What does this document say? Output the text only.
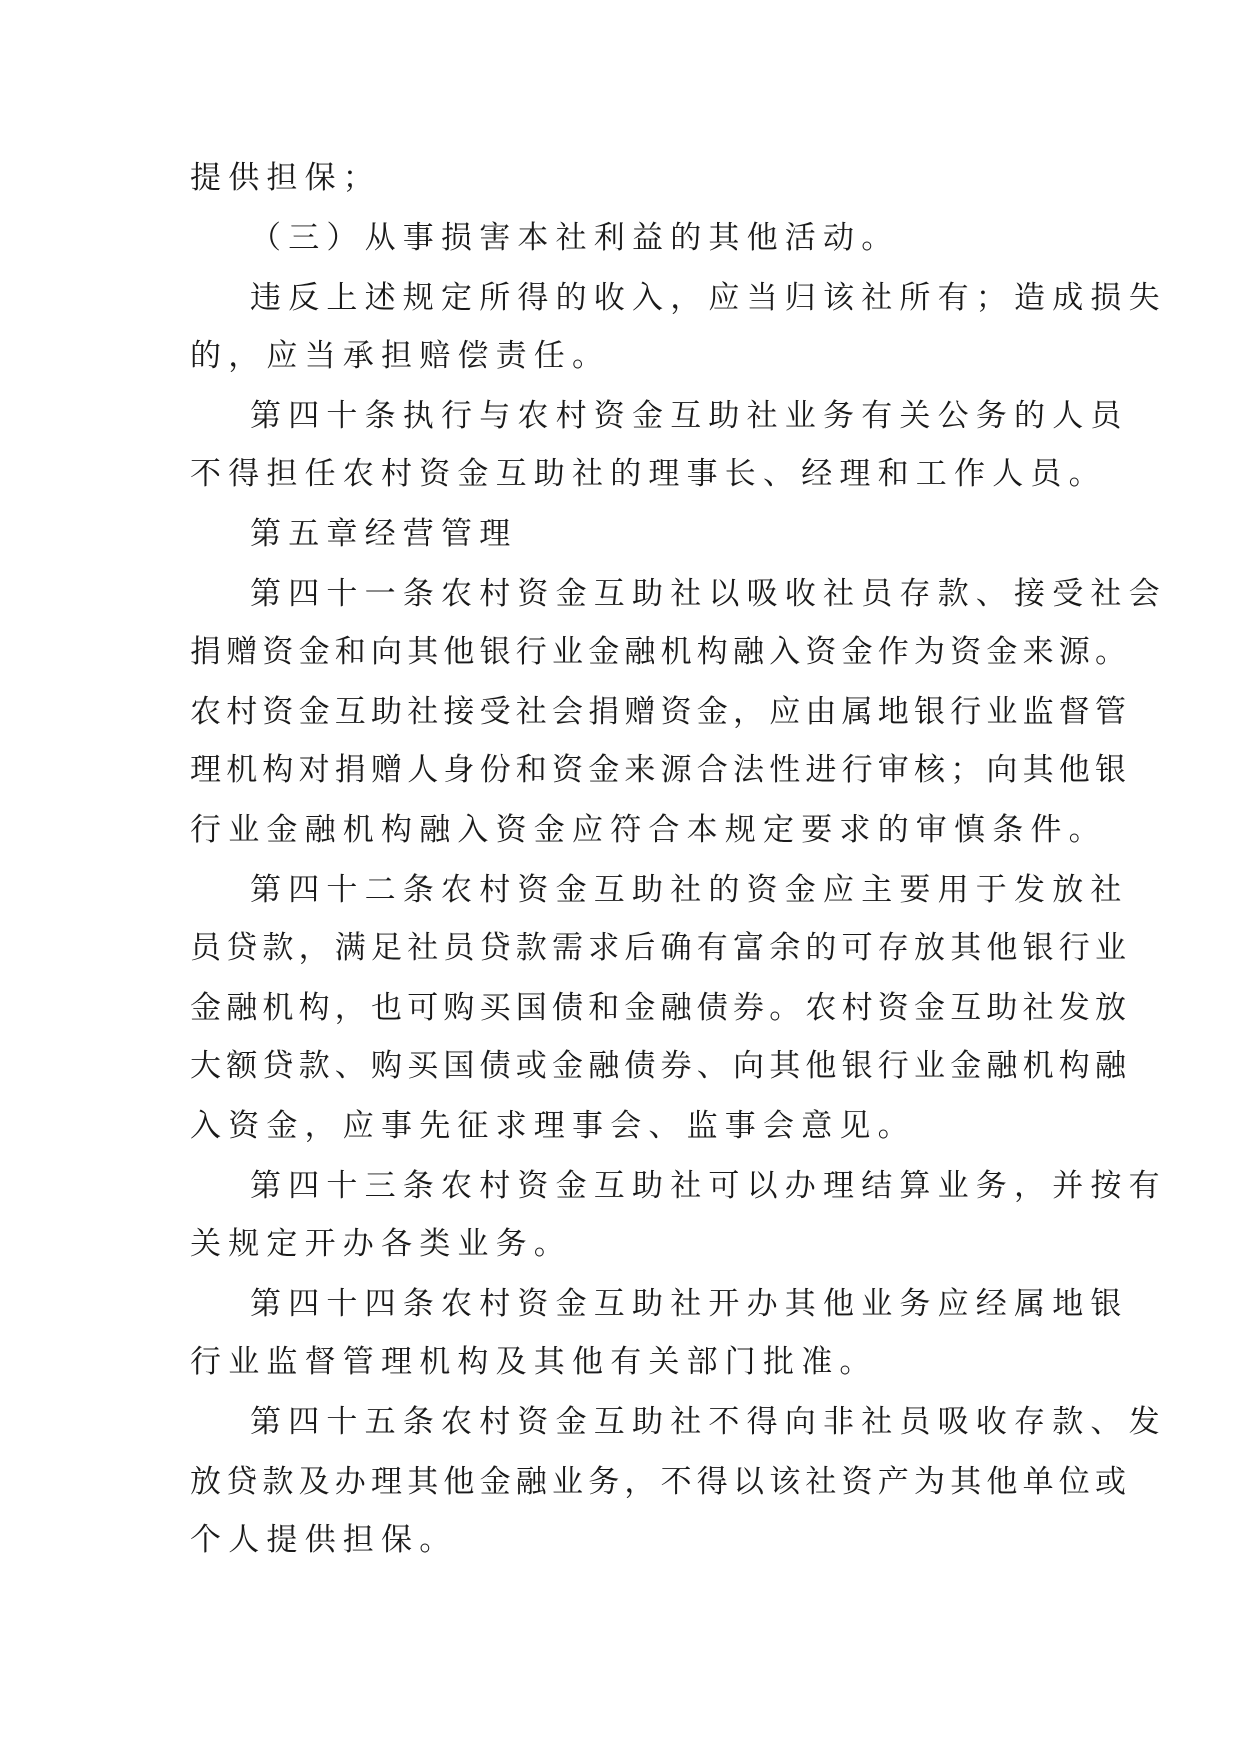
提供担保；
（三）从事损害本社利益的其他活动。
违反上述规定所得的收入，应当归该社所有；造成损失
的，应当承担赔偿责任。
第四十条执行与农村资金互助社业务有关公务的人员
不得担任农村资金互助社的理事长、经理和工作人员。
第五章经营管理
第四十一条农村资金互助社以吸收社员存款、接受社会
捐赠资金和向其他银行业金融机构融入资金作为资金来源。
农村资金互助社接受社会捐赠资金，应由属地银行业监督管
理机构对捐赠人身份和资金来源合法性进行审核；向其他银
行业金融机构融入资金应符合本规定要求的审慎条件。
第四十二条农村资金互助社的资金应主要用于发放社
员贷款，满足社员贷款需求后确有富余的可存放其他银行业
金融机构，也可购买国债和金融债券。农村资金互助社发放
大额贷款、购买国债或金融债券、向其他银行业金融机构融
入资金，应事先征求理事会、监事会意见。
第四十三条农村资金互助社可以办理结算业务，并按有
关规定开办各类业务。
第四十四条农村资金互助社开办其他业务应经属地银
行业监督管理机构及其他有关部门批准。
第四十五条农村资金互助社不得向非社员吸收存款、发
放贷款及办理其他金融业务，不得以该社资产为其他单位或
个人提供担保。
